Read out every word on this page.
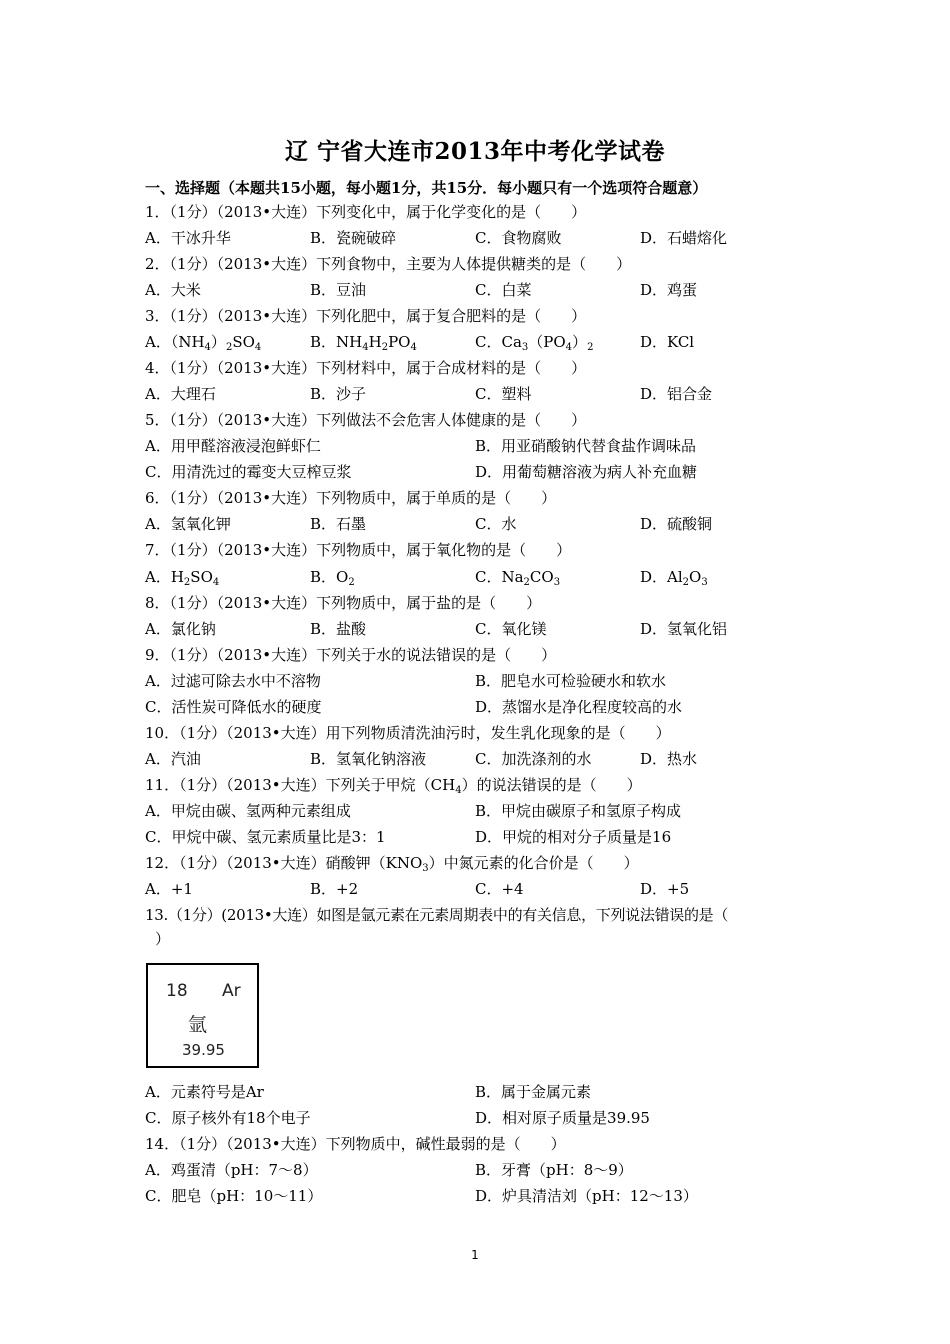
辽 宁省大连市2013年中考化学试卷
一、选择题（本题共15小题，每小题1分，共15分．每小题只有一个选项符合题意）
1．（1分）（2013•大连）下列变化中，属于化学变化的是（　　）
A．干冰升华	B．瓷碗破碎	C．食物腐败	D．石蜡熔化
2．（1分）（2013•大连）下列食物中，主要为人体提供糖类的是（　　）
A．大米	B．豆油	C．白菜	D．鸡蛋
3．（1分）（2013•大连）下列化肥中，属于复合肥料的是（　　）
A．$(NH_4)_2SO_4$	B．$NH_4H_2PO_4$	C．$Ca_3(PO_4)_2$	D．KCl
4．（1分）（2013•大连）下列材料中，属于合成材料的是（　　）
A．大理石	B．沙子	C．塑料	D．铝合金
5．（1分）（2013•大连）下列做法不会危害人体健康的是（　　）
A．用甲醛溶液浸泡鲜虾仁	B．用亚硝酸钠代替食盐作调味品
C．用清洗过的霉变大豆榨豆浆	D．用葡萄糖溶液为病人补充血糖
6．（1分）（2013•大连）下列物质中，属于单质的是（　　）
A．氢氧化钾	B．石墨	C．水	D．硫酸铜
7．（1分）（2013•大连）下列物质中，属于氧化物的是（　　）
A．$H_2SO_4$	B．$O_2$	C．$Na_2CO_3$	D．$Al_2O_3$
8．（1分）（2013•大连）下列物质中，属于盐的是（　　）
A．氯化钠	B．盐酸	C．氧化镁	D．氢氧化铝
9．（1分）（2013•大连）下列关于水的说法错误的是（　　）
A．过滤可除去水中不溶物	B．肥皂水可检验硬水和软水
C．活性炭可降低水的硬度	D．蒸馏水是净化程度较高的水
10．（1分）（2013•大连）用下列物质清洗油污时，发生乳化现象的是（　　）
A．汽油	B．氢氧化钠溶液	C．加洗涤剂的水	D．热水
11．（1分）（2013•大连）下列关于甲烷$(CH_4)$的说法错误的是（　　）
A．甲烷由碳、氢两种元素组成	B．甲烷由碳原子和氢原子构成
C．甲烷中碳、氢元素质量比是3：1	D．甲烷的相对分子质量是16
12．（1分）（2013•大连）硝酸钾$(KNO_3)$中氮元素的化合价是（　　）
A．+1	B．+2	C．+4	D．+5
13.（1分）(2013•大连）如图是氩元素在元素周期表中的有关信息，下列说法错误的是（
）
18 Ar
氩
39.95
A．元素符号是Ar	B．属于金属元素
C．原子核外有18个电子	D．相对原子质量是39.95
14．（1分）（2013•大连）下列物质中，碱性最弱的是（　　）
A．鸡蛋清（pH：7～8）	B．牙膏（pH：8～9）
C．肥皂（pH：10～11）	D．炉具清洁刘（pH：12～13）
1
